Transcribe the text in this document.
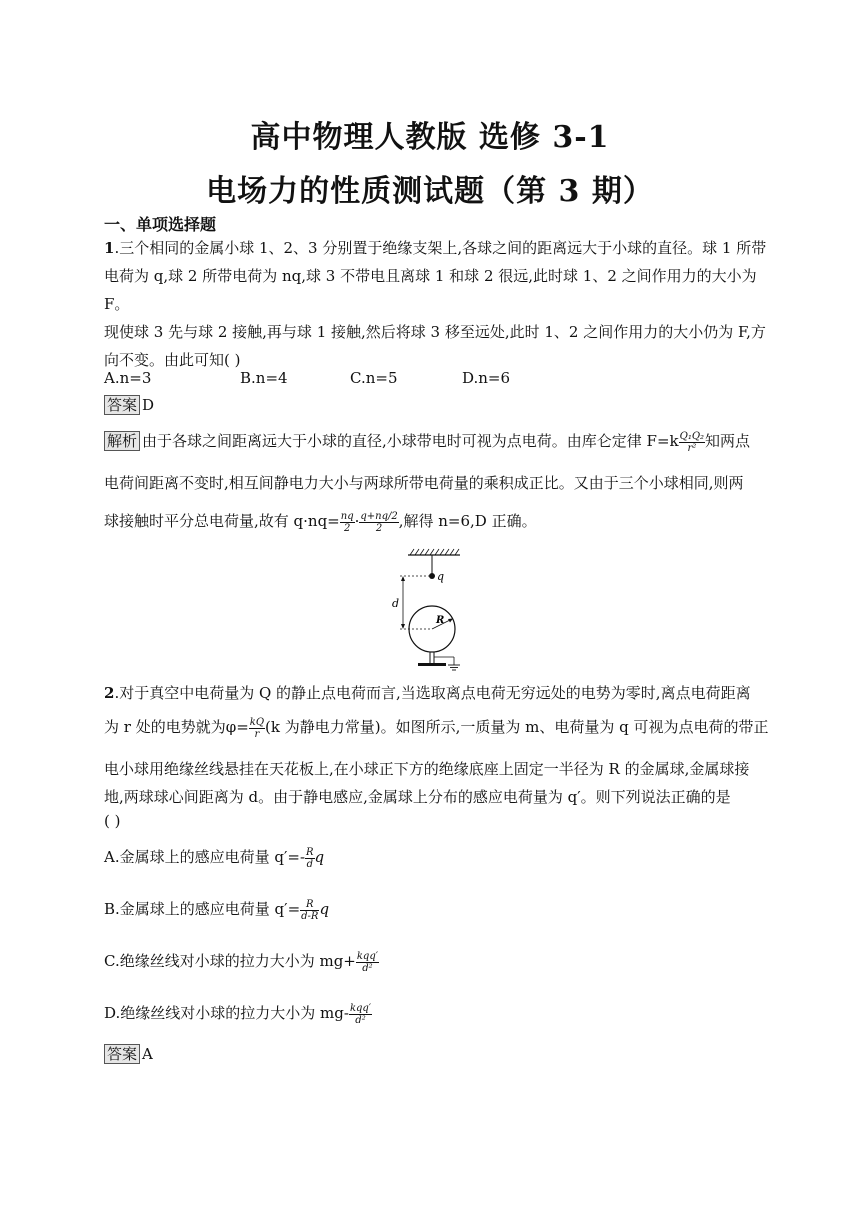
高中物理人教版 选修 3-1
电场力的性质测试题（第 3 期）
一、单项选择题
1.三个相同的金属小球 1、2、3 分别置于绝缘支架上,各球之间的距离远大于小球的直径。球 1 所带
电荷为 q,球 2 所带电荷为 nq,球 3 不带电且离球 1 和球 2 很远,此时球 1、2 之间作用力的大小为 F。
现使球 3 先与球 2 接触,再与球 1 接触,然后将球 3 移至远处,此时 1、2 之间作用力的大小仍为 F,方
向不变。由此可知( )
A.n=3	B.n=4	C.n=5	D.n=6
答案 D
解析 由于各球之间距离远大于小球的直径,小球带电时可视为点电荷。由库仑定律 $F=k \frac{\text{Q₁Q₂}}{\text{r²}}$ 知两点
电荷间距离不变时,相互间静电力大小与两球所带电荷量的乘积成正比。又由于三个小球相同,则两
球接触时平分总电荷量,故有 $q\cdot nq= \frac{nq}{2} \cdot \frac{q+nq/2}{2}$ ,解得 n=6,D 正确。
q
d
R
2.对于真空中电荷量为 Q 的静止点电荷而言,当选取离点电荷无穷远处的电势为零时,离点电荷距离
为 r 处的电势就为$\varphi= \frac{kQ}{r} (k$ 为静电力常量)。如图所示,一质量为 m、电荷量为 q 可视为点电荷的带正
电小球用绝缘丝线悬挂在天花板上,在小球正下方的绝缘底座上固定一半径为 R 的金属球,金属球接
地,两球球心间距离为 d。由于静电感应,金属球上分布的感应电荷量为 q′。则下列说法正确的是
( )
A.金属球上的感应电荷量 $q'=- \frac{R}{d}$ q
B.金属球上的感应电荷量 $q'= \frac{R}{d-R}$ q
C.绝缘丝线对小球的拉力大小为 $mg+ \frac{\text{kqq′}}{\text{d²}}$
D.绝缘丝线对小球的拉力大小为 $mg- \frac{\text{kqq′}}{\text{d²}}$
答案 A
